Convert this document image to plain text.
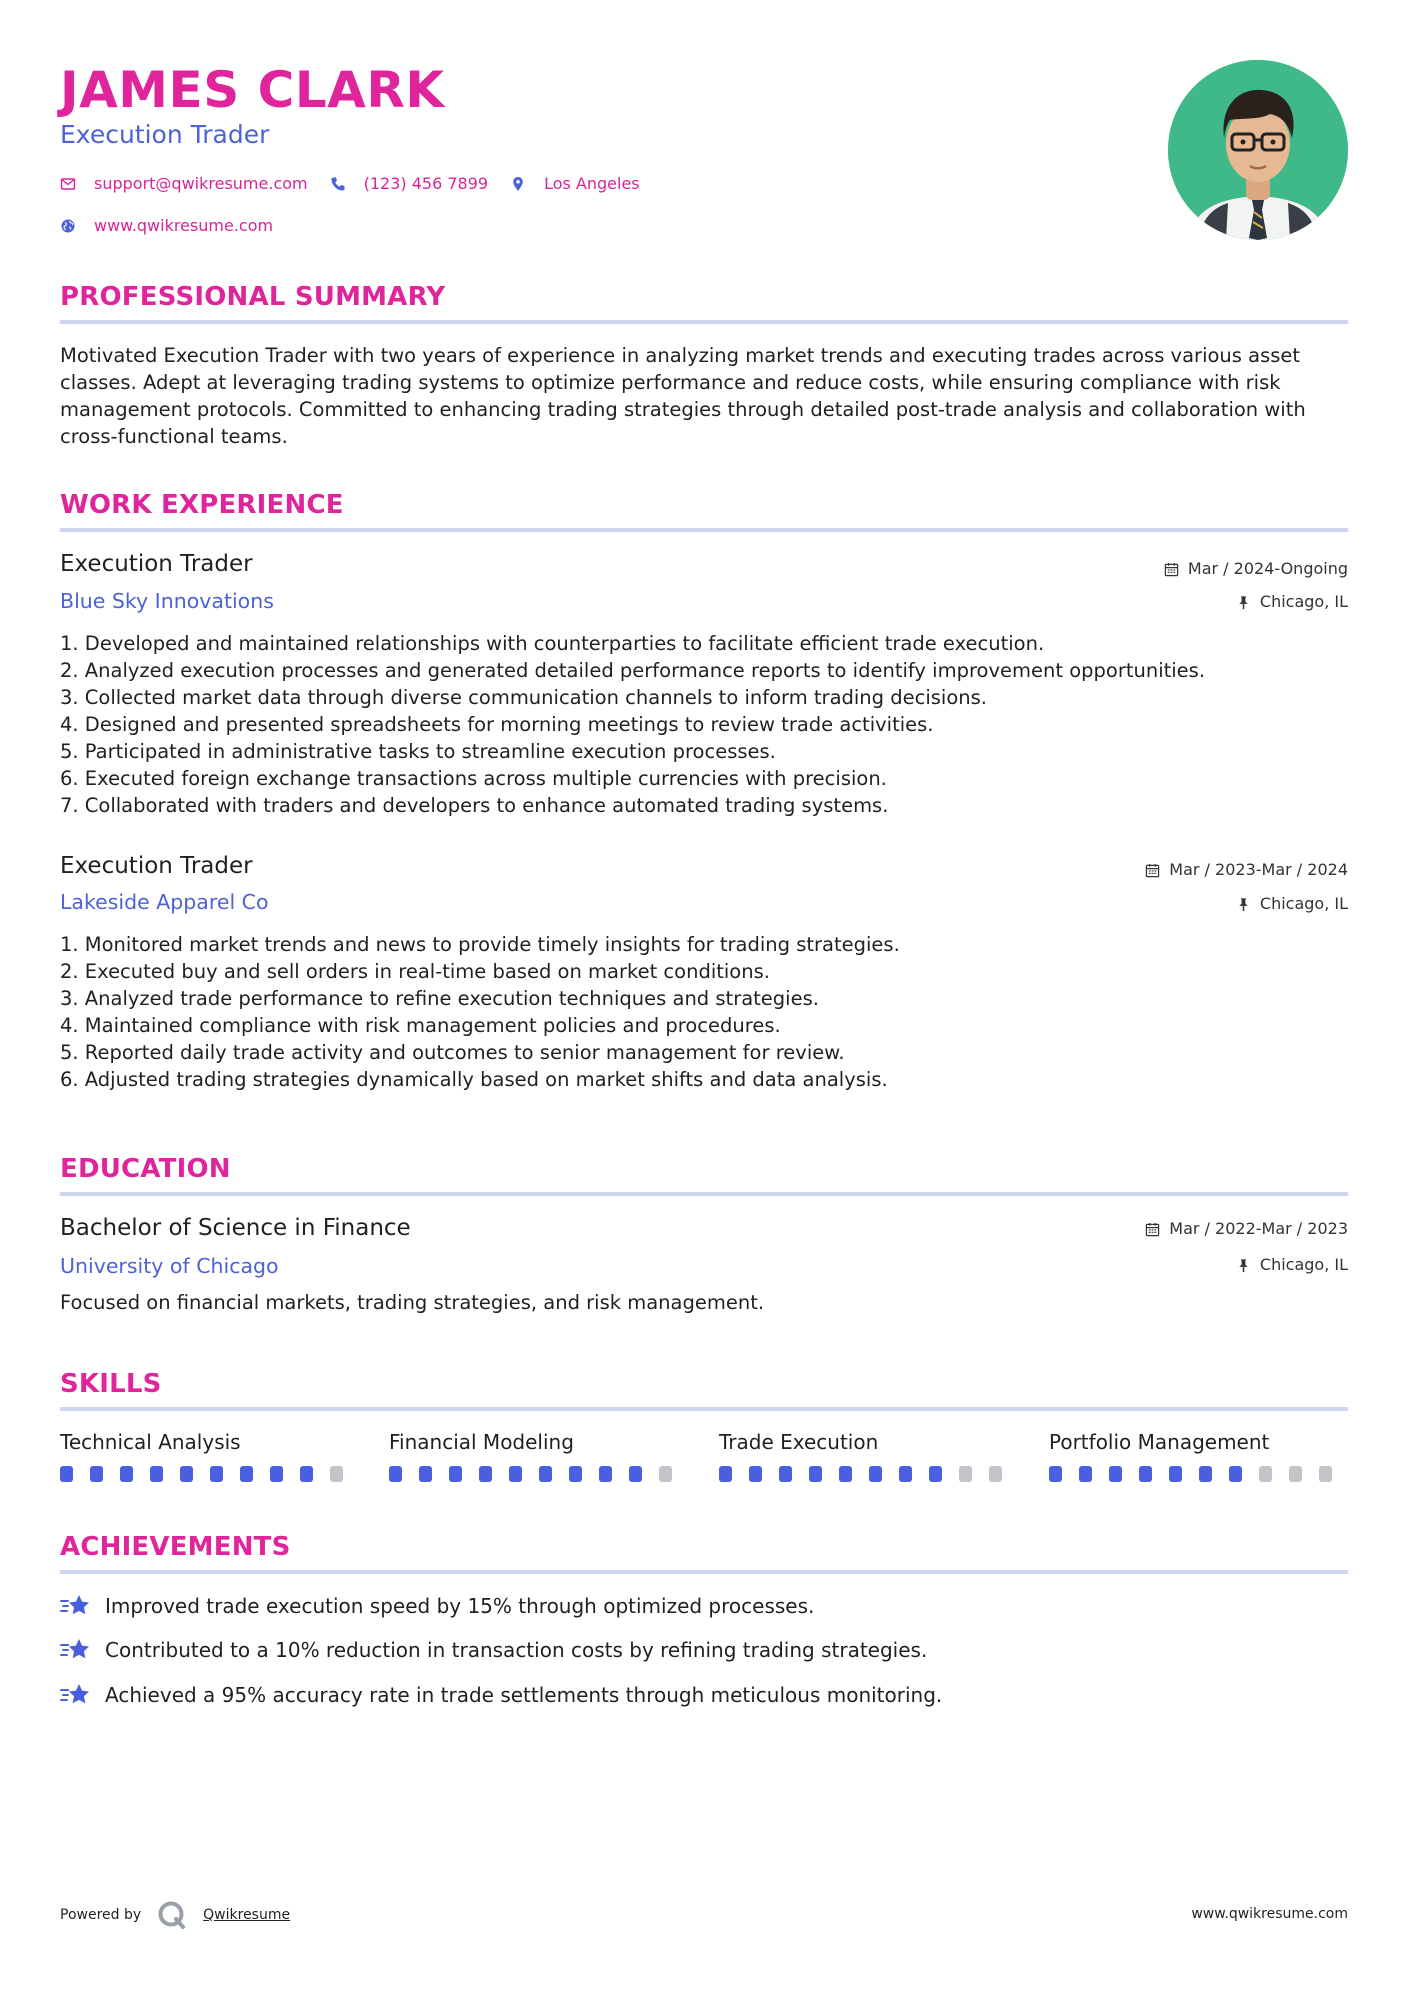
JAMES CLARK
Execution Trader
support@qwikresume.com	(123) 456 7899	Los Angeles
www.qwikresume.com
PROFESSIONAL SUMMARY
Motivated Execution Trader with two years of experience in analyzing market trends and executing trades across various asset classes. Adept at leveraging trading systems to optimize performance and reduce costs, while ensuring compliance with risk management protocols. Committed to enhancing trading strategies through detailed post-trade analysis and collaboration with cross-functional teams.
WORK EXPERIENCE
Execution Trader
Blue Sky Innovations
Mar / 2024-Ongoing
Chicago, IL
1. Developed and maintained relationships with counterparties to facilitate efficient trade execution.
2. Analyzed execution processes and generated detailed performance reports to identify improvement opportunities.
3. Collected market data through diverse communication channels to inform trading decisions.
4. Designed and presented spreadsheets for morning meetings to review trade activities.
5. Participated in administrative tasks to streamline execution processes.
6. Executed foreign exchange transactions across multiple currencies with precision.
7. Collaborated with traders and developers to enhance automated trading systems.
Execution Trader
Lakeside Apparel Co
Mar / 2023-Mar / 2024
Chicago, IL
1. Monitored market trends and news to provide timely insights for trading strategies.
2. Executed buy and sell orders in real-time based on market conditions.
3. Analyzed trade performance to refine execution techniques and strategies.
4. Maintained compliance with risk management policies and procedures.
5. Reported daily trade activity and outcomes to senior management for review.
6. Adjusted trading strategies dynamically based on market shifts and data analysis.
EDUCATION
Bachelor of Science in Finance
University of Chicago
Mar / 2022-Mar / 2023
Chicago, IL
Focused on financial markets, trading strategies, and risk management.
SKILLS
Technical Analysis	Financial Modeling	Trade Execution	Portfolio Management
ACHIEVEMENTS
Improved trade execution speed by 15% through optimized processes.
Contributed to a 10% reduction in transaction costs by refining trading strategies.
Achieved a 95% accuracy rate in trade settlements through meticulous monitoring.
Powered by	Qwikresume	www.qwikresume.com
